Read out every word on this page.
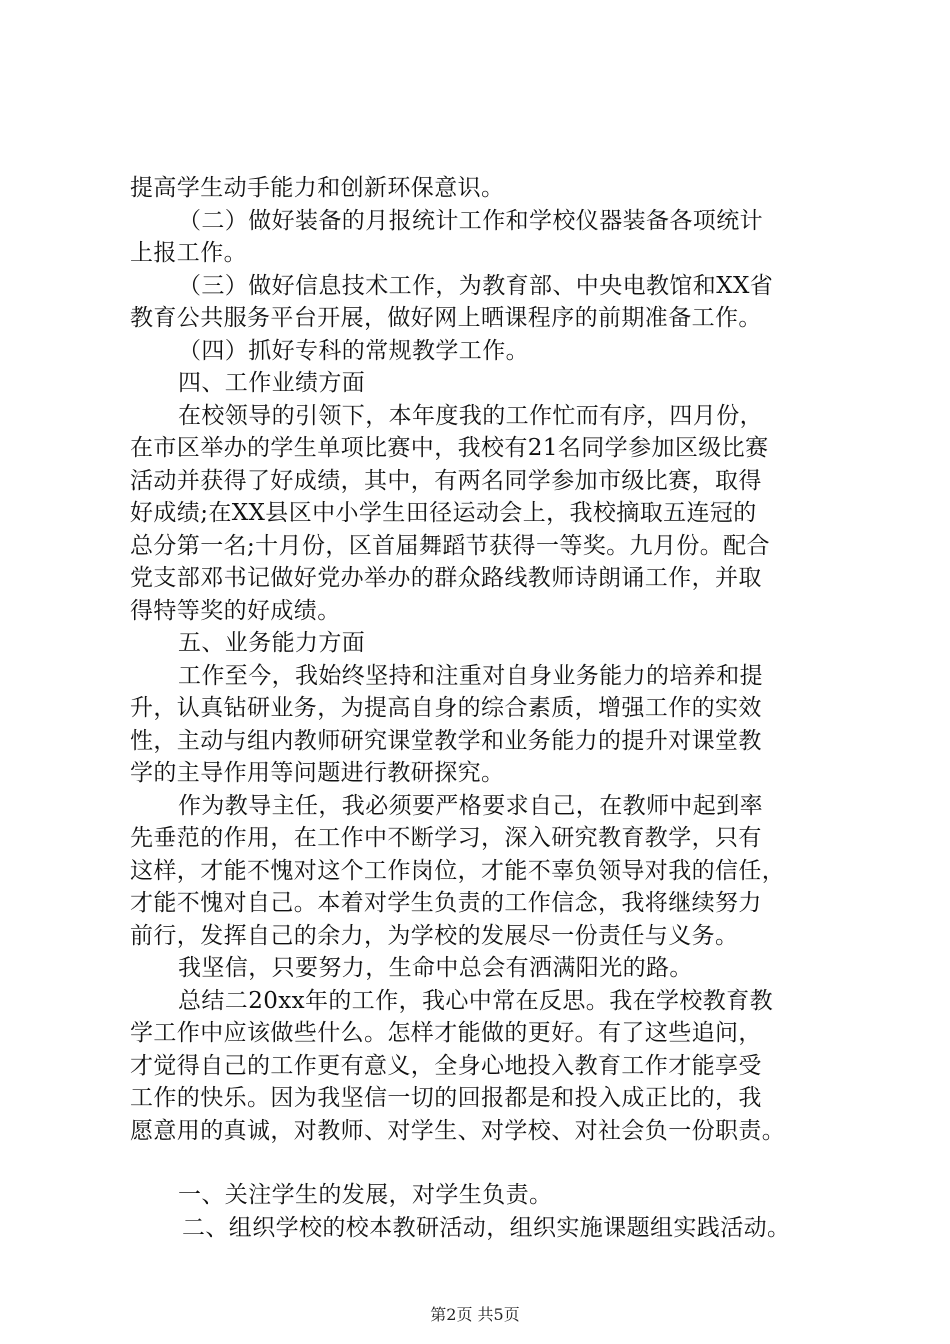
提高学生动手能力和创新环保意识。
（二）做好装备的月报统计工作和学校仪器装备各项统计
上报工作。
（三）做好信息技术工作，为教育部、中央电教馆和XX省
教育公共服务平台开展，做好网上晒课程序的前期准备工作。
（四）抓好专科的常规教学工作。
四、工作业绩方面
在校领导的引领下，本年度我的工作忙而有序，四月份，
在市区举办的学生单项比赛中，我校有21名同学参加区级比赛
活动并获得了好成绩，其中，有两名同学参加市级比赛，取得
好成绩;在XX县区中小学生田径运动会上，我校摘取五连冠的
总分第一名;十月份，区首届舞蹈节获得一等奖。九月份。配合
党支部邓书记做好党办举办的群众路线教师诗朗诵工作，并取
得特等奖的好成绩。
五、业务能力方面
工作至今，我始终坚持和注重对自身业务能力的培养和提
升，认真钻研业务，为提高自身的综合素质，增强工作的实效
性，主动与组内教师研究课堂教学和业务能力的提升对课堂教
学的主导作用等问题进行教研探究。
作为教导主任，我必须要严格要求自己，在教师中起到率
先垂范的作用，在工作中不断学习，深入研究教育教学，只有
这样，才能不愧对这个工作岗位，才能不辜负领导对我的信任，
才能不愧对自己。本着对学生负责的工作信念，我将继续努力
前行，发挥自己的余力，为学校的发展尽一份责任与义务。
我坚信，只要努力，生命中总会有洒满阳光的路。
总结二20xx年的工作，我心中常在反思。我在学校教育教
学工作中应该做些什么。怎样才能做的更好。有了这些追问，
才觉得自己的工作更有意义，全身心地投入教育工作才能享受
工作的快乐。因为我坚信一切的回报都是和投入成正比的，我
愿意用的真诚，对教师、对学生、对学校、对社会负一份职责。
一、关注学生的发展，对学生负责。
二、组织学校的校本教研活动，组织实施课题组实践活动。
第2页 共5页
